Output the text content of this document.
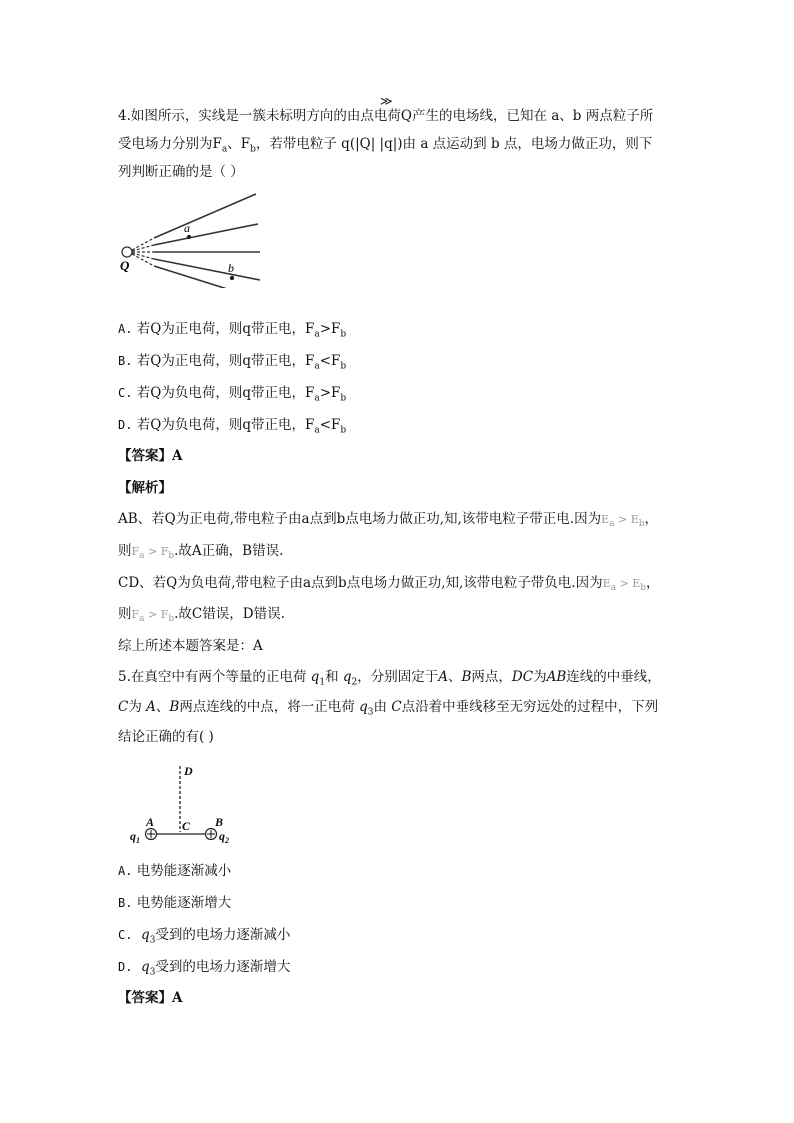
≫
4.如图所示，实线是一簇未标明方向的由点电荷Q产生的电场线，已知在 a、b 两点粒子所
受电场力分别为$F_a$、$F_b$，若带电粒子 q(|Q| |q|)由 a 点运动到 b 点，电场力做正功，则下
列判断正确的是（ ）
a
b
Q
A. 若Q为正电荷，则q带正电，$F_a>F_b$
B. 若Q为正电荷，则q带正电，$F_a<F_b$
C. 若Q为负电荷，则q带正电，$F_a>F_b$
D. 若Q为负电荷，则q带正电，$F_a<F_b$
【答案】A
【解析】
AB、若Q为正电荷,带电粒子由a点到b点电场力做正功,知,该带电粒子带正电.因为$E_a > E_b$，
则$F_a > F_b$.故A正确，B错误.
CD、若Q为负电荷,带电粒子由a点到b点电场力做正功,知,该带电粒子带负电.因为$E_a > E_b$，
则$F_a > F_b$.故C错误，D错误.
综上所述本题答案是：A
5.在真空中有两个等量的正电荷 $q_1$和 $q_2$，分别固定于A、B两点，DC为AB连线的中垂线，
C为 A、B两点连线的中点，将一正电荷 $q_3$由 C点沿着中垂线移至无穷远处的过程中，下列
结论正确的有( )
D
A	B
C
$q_1$	$q_2$
A. 电势能逐渐减小
B. 电势能逐渐增大
C. $q_3$受到的电场力逐渐减小
D. $q_3$受到的电场力逐渐增大
【答案】A
